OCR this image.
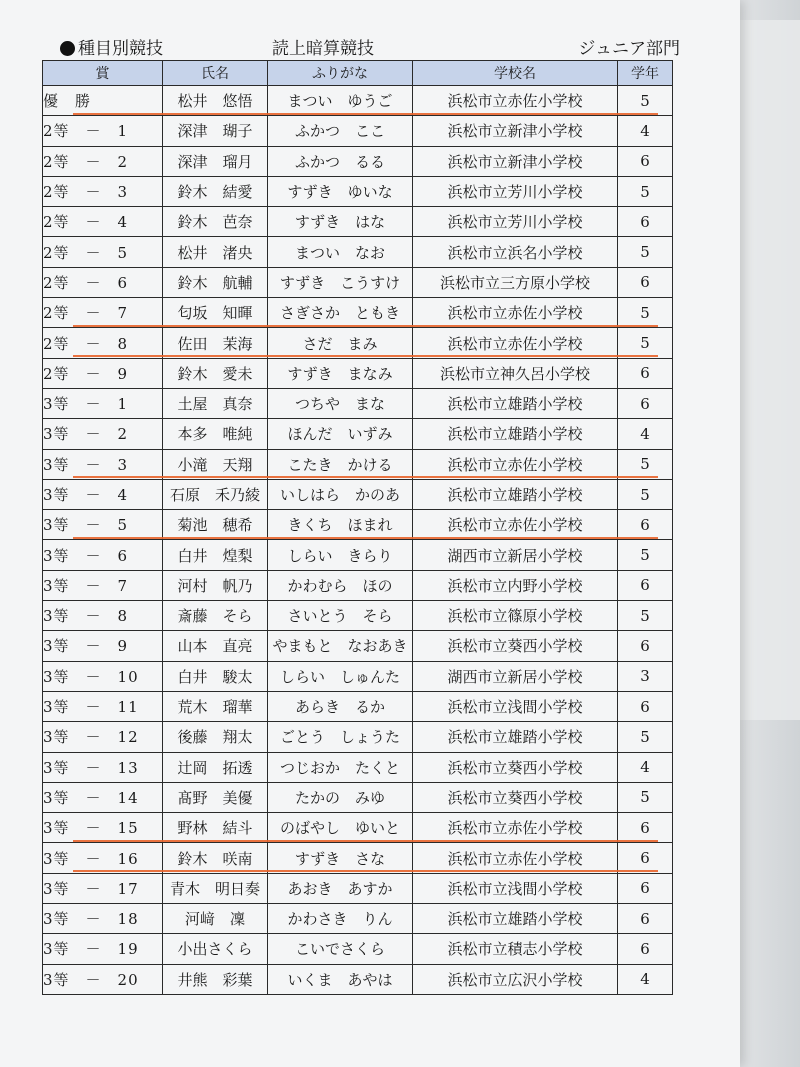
種目別競技	読上暗算競技	ジュニア部門
賞	氏名	ふりがな	学校名	学年
優　勝	松井　悠悟	まつい　ゆうご	浜松市立赤佐小学校	5
2等　－　1	深津　瑚子	ふかつ　ここ	浜松市立新津小学校	4
2等　－　2	深津　瑠月	ふかつ　るる	浜松市立新津小学校	6
2等　－　3	鈴木　結愛	すずき　ゆいな	浜松市立芳川小学校	5
2等　－　4	鈴木　芭奈	すずき　はな	浜松市立芳川小学校	6
2等　－　5	松井　渚央	まつい　なお	浜松市立浜名小学校	5
2等　－　6	鈴木　航輔	すずき　こうすけ	浜松市立三方原小学校	6
2等　－　7	匂坂　知暉	さぎさか　ともき	浜松市立赤佐小学校	5
2等　－　8	佐田　茉海	さだ　まみ	浜松市立赤佐小学校	5
2等　－　9	鈴木　愛未	すずき　まなみ	浜松市立神久呂小学校	6
3等　－　1	土屋　真奈	つちや　まな	浜松市立雄踏小学校	6
3等　－　2	本多　唯純	ほんだ　いずみ	浜松市立雄踏小学校	4
3等　－　3	小滝　天翔	こたき　かける	浜松市立赤佐小学校	5
3等　－　4	石原　禾乃綾	いしはら　かのあ	浜松市立雄踏小学校	5
3等　－　5	菊池　穂希	きくち　ほまれ	浜松市立赤佐小学校	6
3等　－　6	白井　煌梨	しらい　きらり	湖西市立新居小学校	5
3等　－　7	河村　帆乃	かわむら　ほの	浜松市立内野小学校	6
3等　－　8	斎藤　そら	さいとう　そら	浜松市立篠原小学校	5
3等　－　9	山本　直亮	やまもと　なおあき	浜松市立葵西小学校	6
3等　－　10	白井　駿太	しらい　しゅんた	湖西市立新居小学校	3
3等　－　11	荒木　瑠華	あらき　るか	浜松市立浅間小学校	6
3等　－　12	後藤　翔太	ごとう　しょうた	浜松市立雄踏小学校	5
3等　－　13	辻岡　拓透	つじおか　たくと	浜松市立葵西小学校	4
3等　－　14	髙野　美優	たかの　みゆ	浜松市立葵西小学校	5
3等　－　15	野林　結斗	のばやし　ゆいと	浜松市立赤佐小学校	6
3等　－　16	鈴木　咲南	すずき　さな	浜松市立赤佐小学校	6
3等　－　17	青木　明日奏	あおき　あすか	浜松市立浅間小学校	6
3等　－　18	河﨑　凜	かわさき　りん	浜松市立雄踏小学校	6
3等　－　19	小出さくら	こいでさくら	浜松市立積志小学校	6
3等　－　20	井熊　彩葉	いくま　あやは	浜松市立広沢小学校	4
